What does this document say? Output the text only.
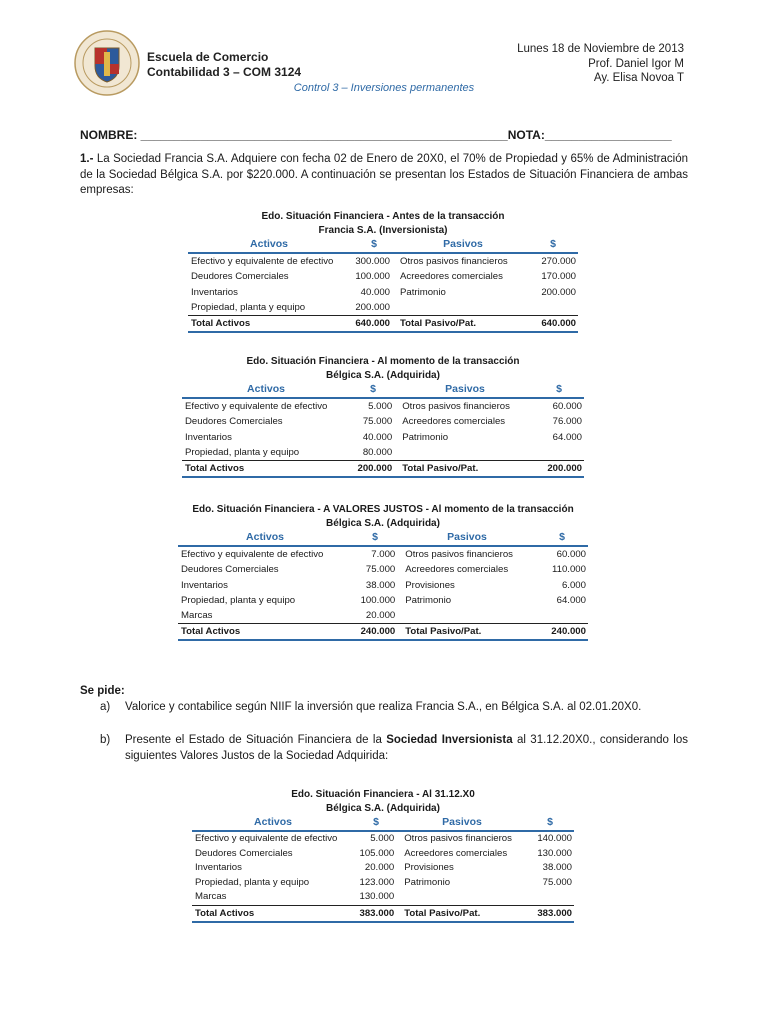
Escuela de Comercio
Contabilidad 3 – COM 3124
Lunes 18 de Noviembre de 2013
Prof. Daniel Igor M
Ay. Elisa Novoa T
Control 3 – Inversiones permanentes
NOMBRE: _______________________________________________________NOTA:___________________
1.- La Sociedad Francia S.A. Adquiere con fecha 02 de Enero de 20X0, el 70% de Propiedad y 65% de Administración de la Sociedad Bélgica S.A. por $220.000. A continuación se presentan los Estados de Situación Financiera de ambas empresas:
Edo. Situación Financiera - Antes de la transacción
Francia S.A. (Inversionista)
Activos	$	Pasivos	$
Efectivo y equivalente de efectivo	300.000	Otros pasivos financieros	270.000
Deudores Comerciales	100.000	Acreedores comerciales	170.000
Inventarios	40.000	Patrimonio	200.000
Propiedad, planta y equipo	200.000
Total Activos	640.000	Total Pasivo/Pat.	640.000
Edo. Situación Financiera - Al momento de la transacción
Bélgica S.A. (Adquirida)
Activos	$	Pasivos	$
Efectivo y equivalente de efectivo	5.000	Otros pasivos financieros	60.000
Deudores Comerciales	75.000	Acreedores comerciales	76.000
Inventarios	40.000	Patrimonio	64.000
Propiedad, planta y equipo	80.000
Total Activos	200.000	Total Pasivo/Pat.	200.000
Edo. Situación Financiera - A VALORES JUSTOS - Al momento de la transacción
Bélgica S.A. (Adquirida)
Activos	$	Pasivos	$
Efectivo y equivalente de efectivo	7.000	Otros pasivos financieros	60.000
Deudores Comerciales	75.000	Acreedores comerciales	110.000
Inventarios	38.000	Provisiones	6.000
Propiedad, planta y equipo	100.000	Patrimonio	64.000
Marcas	20.000
Total Activos	240.000	Total Pasivo/Pat.	240.000
Se pide:
a) Valorice y contabilice según NIIF la inversión que realiza Francia S.A., en Bélgica S.A. al 02.01.20X0.
b) Presente el Estado de Situación Financiera de la Sociedad Inversionista al 31.12.20X0., considerando los siguientes Valores Justos de la Sociedad Adquirida:
Edo. Situación Financiera - Al 31.12.X0
Bélgica S.A. (Adquirida)
Activos	$	Pasivos	$
Efectivo y equivalente de efectivo	5.000	Otros pasivos financieros	140.000
Deudores Comerciales	105.000	Acreedores comerciales	130.000
Inventarios	20.000	Provisiones	38.000
Propiedad, planta y equipo	123.000	Patrimonio	75.000
Marcas	130.000
Total Activos	383.000	Total Pasivo/Pat.	383.000
